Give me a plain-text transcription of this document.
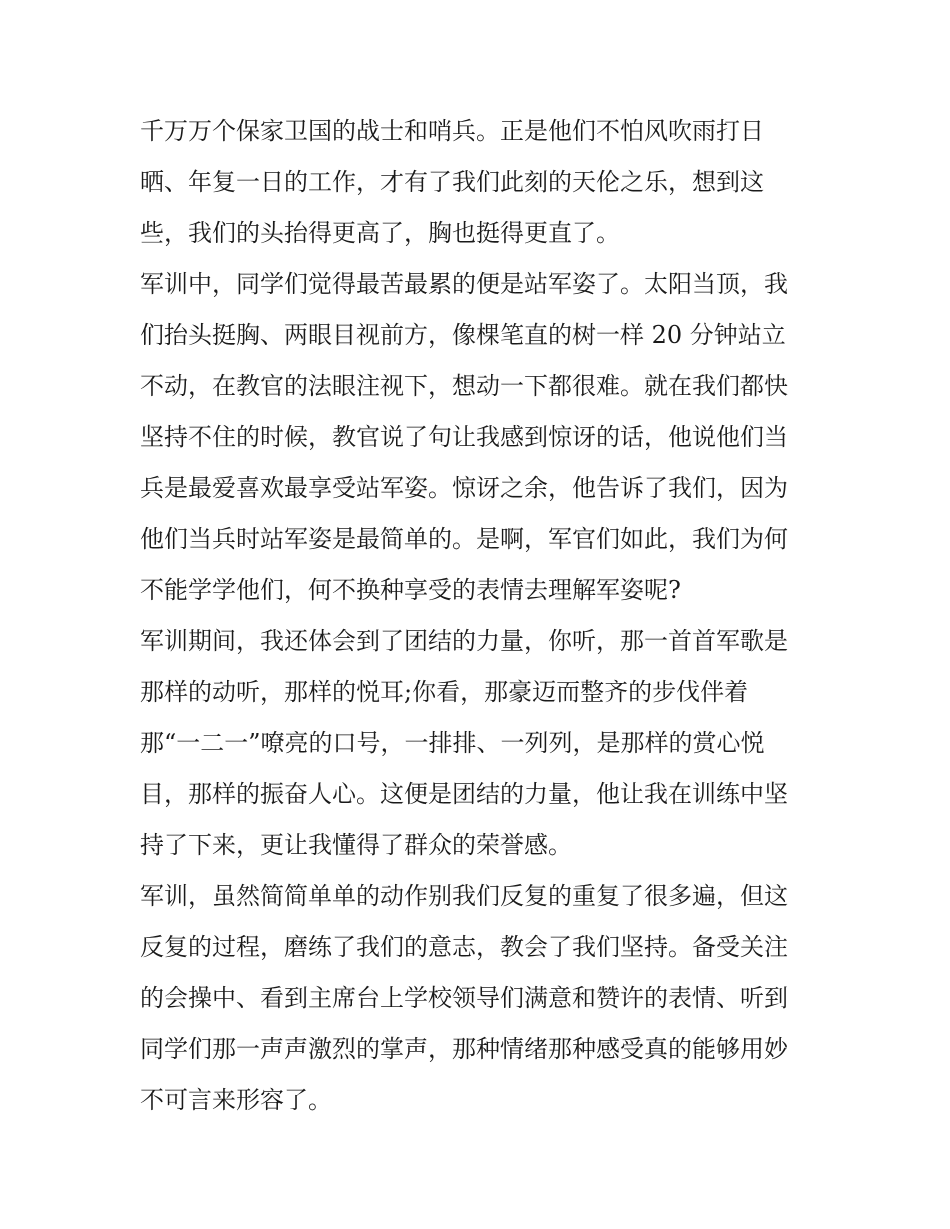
千万万个保家卫国的战士和哨兵。正是他们不怕风吹雨打日
晒、年复一日的工作，才有了我们此刻的天伦之乐，想到这
些，我们的头抬得更高了，胸也挺得更直了。
军训中，同学们觉得最苦最累的便是站军姿了。太阳当顶，我
们抬头挺胸、两眼目视前方，像棵笔直的树一样 20 分钟站立
不动，在教官的法眼注视下，想动一下都很难。就在我们都快
坚持不住的时候，教官说了句让我感到惊讶的话，他说他们当
兵是最爱喜欢最享受站军姿。惊讶之余，他告诉了我们，因为
他们当兵时站军姿是最简单的。是啊，军官们如此，我们为何
不能学学他们，何不换种享受的表情去理解军姿呢?
军训期间，我还体会到了团结的力量，你听，那一首首军歌是
那样的动听，那样的悦耳;你看，那豪迈而整齐的步伐伴着
那“一二一”嘹亮的口号，一排排、一列列，是那样的赏心悦
目，那样的振奋人心。这便是团结的力量，他让我在训练中坚
持了下来，更让我懂得了群众的荣誉感。
军训，虽然简简单单的动作别我们反复的重复了很多遍，但这
反复的过程，磨练了我们的意志，教会了我们坚持。备受关注
的会操中、看到主席台上学校领导们满意和赞许的表情、听到
同学们那一声声激烈的掌声，那种情绪那种感受真的能够用妙
不可言来形容了。
